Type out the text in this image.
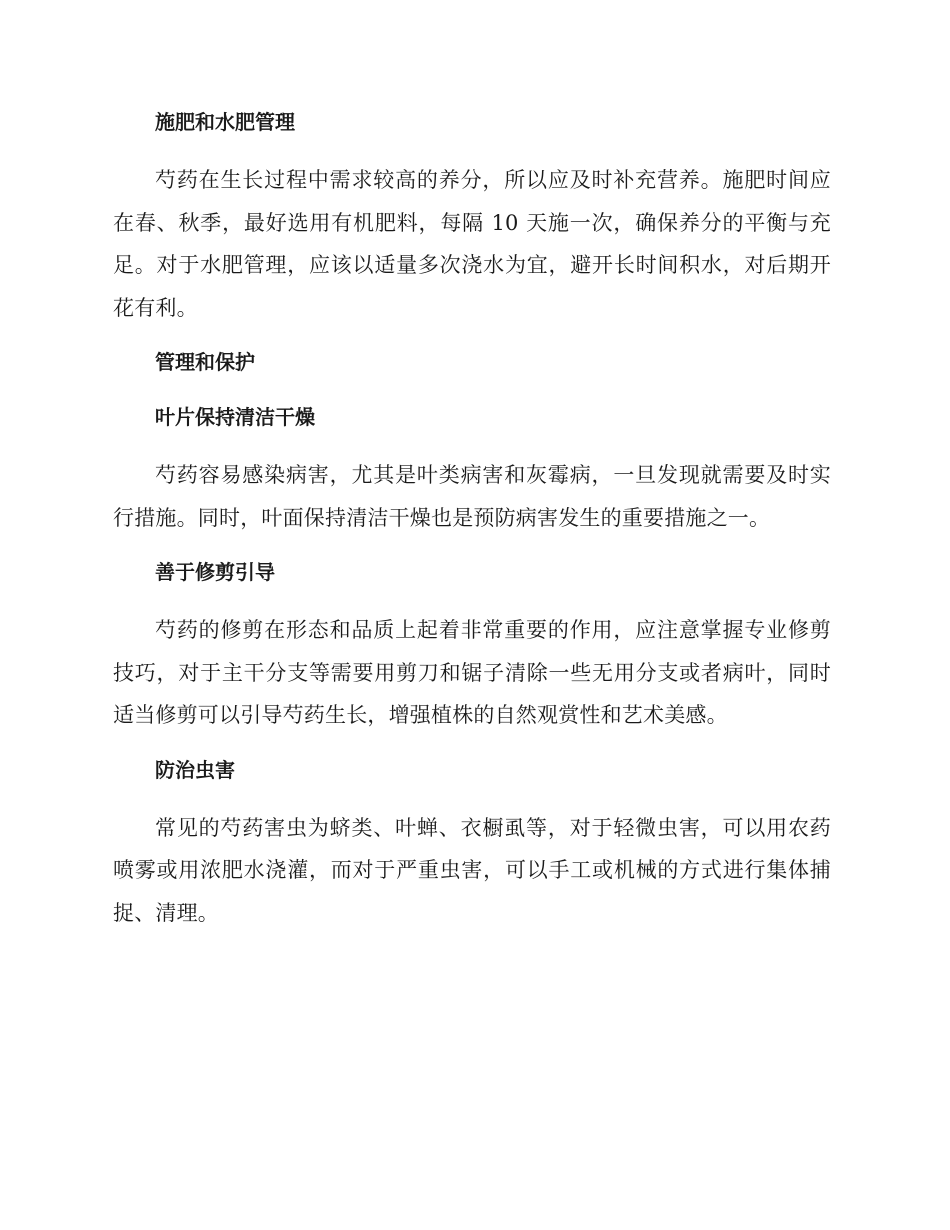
施肥和水肥管理

芍药在生长过程中需求较高的养分，所以应及时补充营养。施肥时间应在春、秋季，最好选用有机肥料，每隔 10 天施一次，确保养分的平衡与充足。对于水肥管理，应该以适量多次浇水为宜，避开长时间积水，对后期开花有利。

管理和保护
叶片保持清洁干燥

芍药容易感染病害，尤其是叶类病害和灰霉病，一旦发现就需要及时实行措施。同时，叶面保持清洁干燥也是预防病害发生的重要措施之一。

善于修剪引导

芍药的修剪在形态和品质上起着非常重要的作用，应注意掌握专业修剪技巧，对于主干分支等需要用剪刀和锯子清除一些无用分支或者病叶，同时适当修剪可以引导芍药生长，增强植株的自然观赏性和艺术美感。

防治虫害

常见的芍药害虫为蛴类、叶蝉、衣橱虱等，对于轻微虫害，可以用农药喷雾或用浓肥水浇灌，而对于严重虫害，可以手工或机械的方式进行集体捕捉、清理。
